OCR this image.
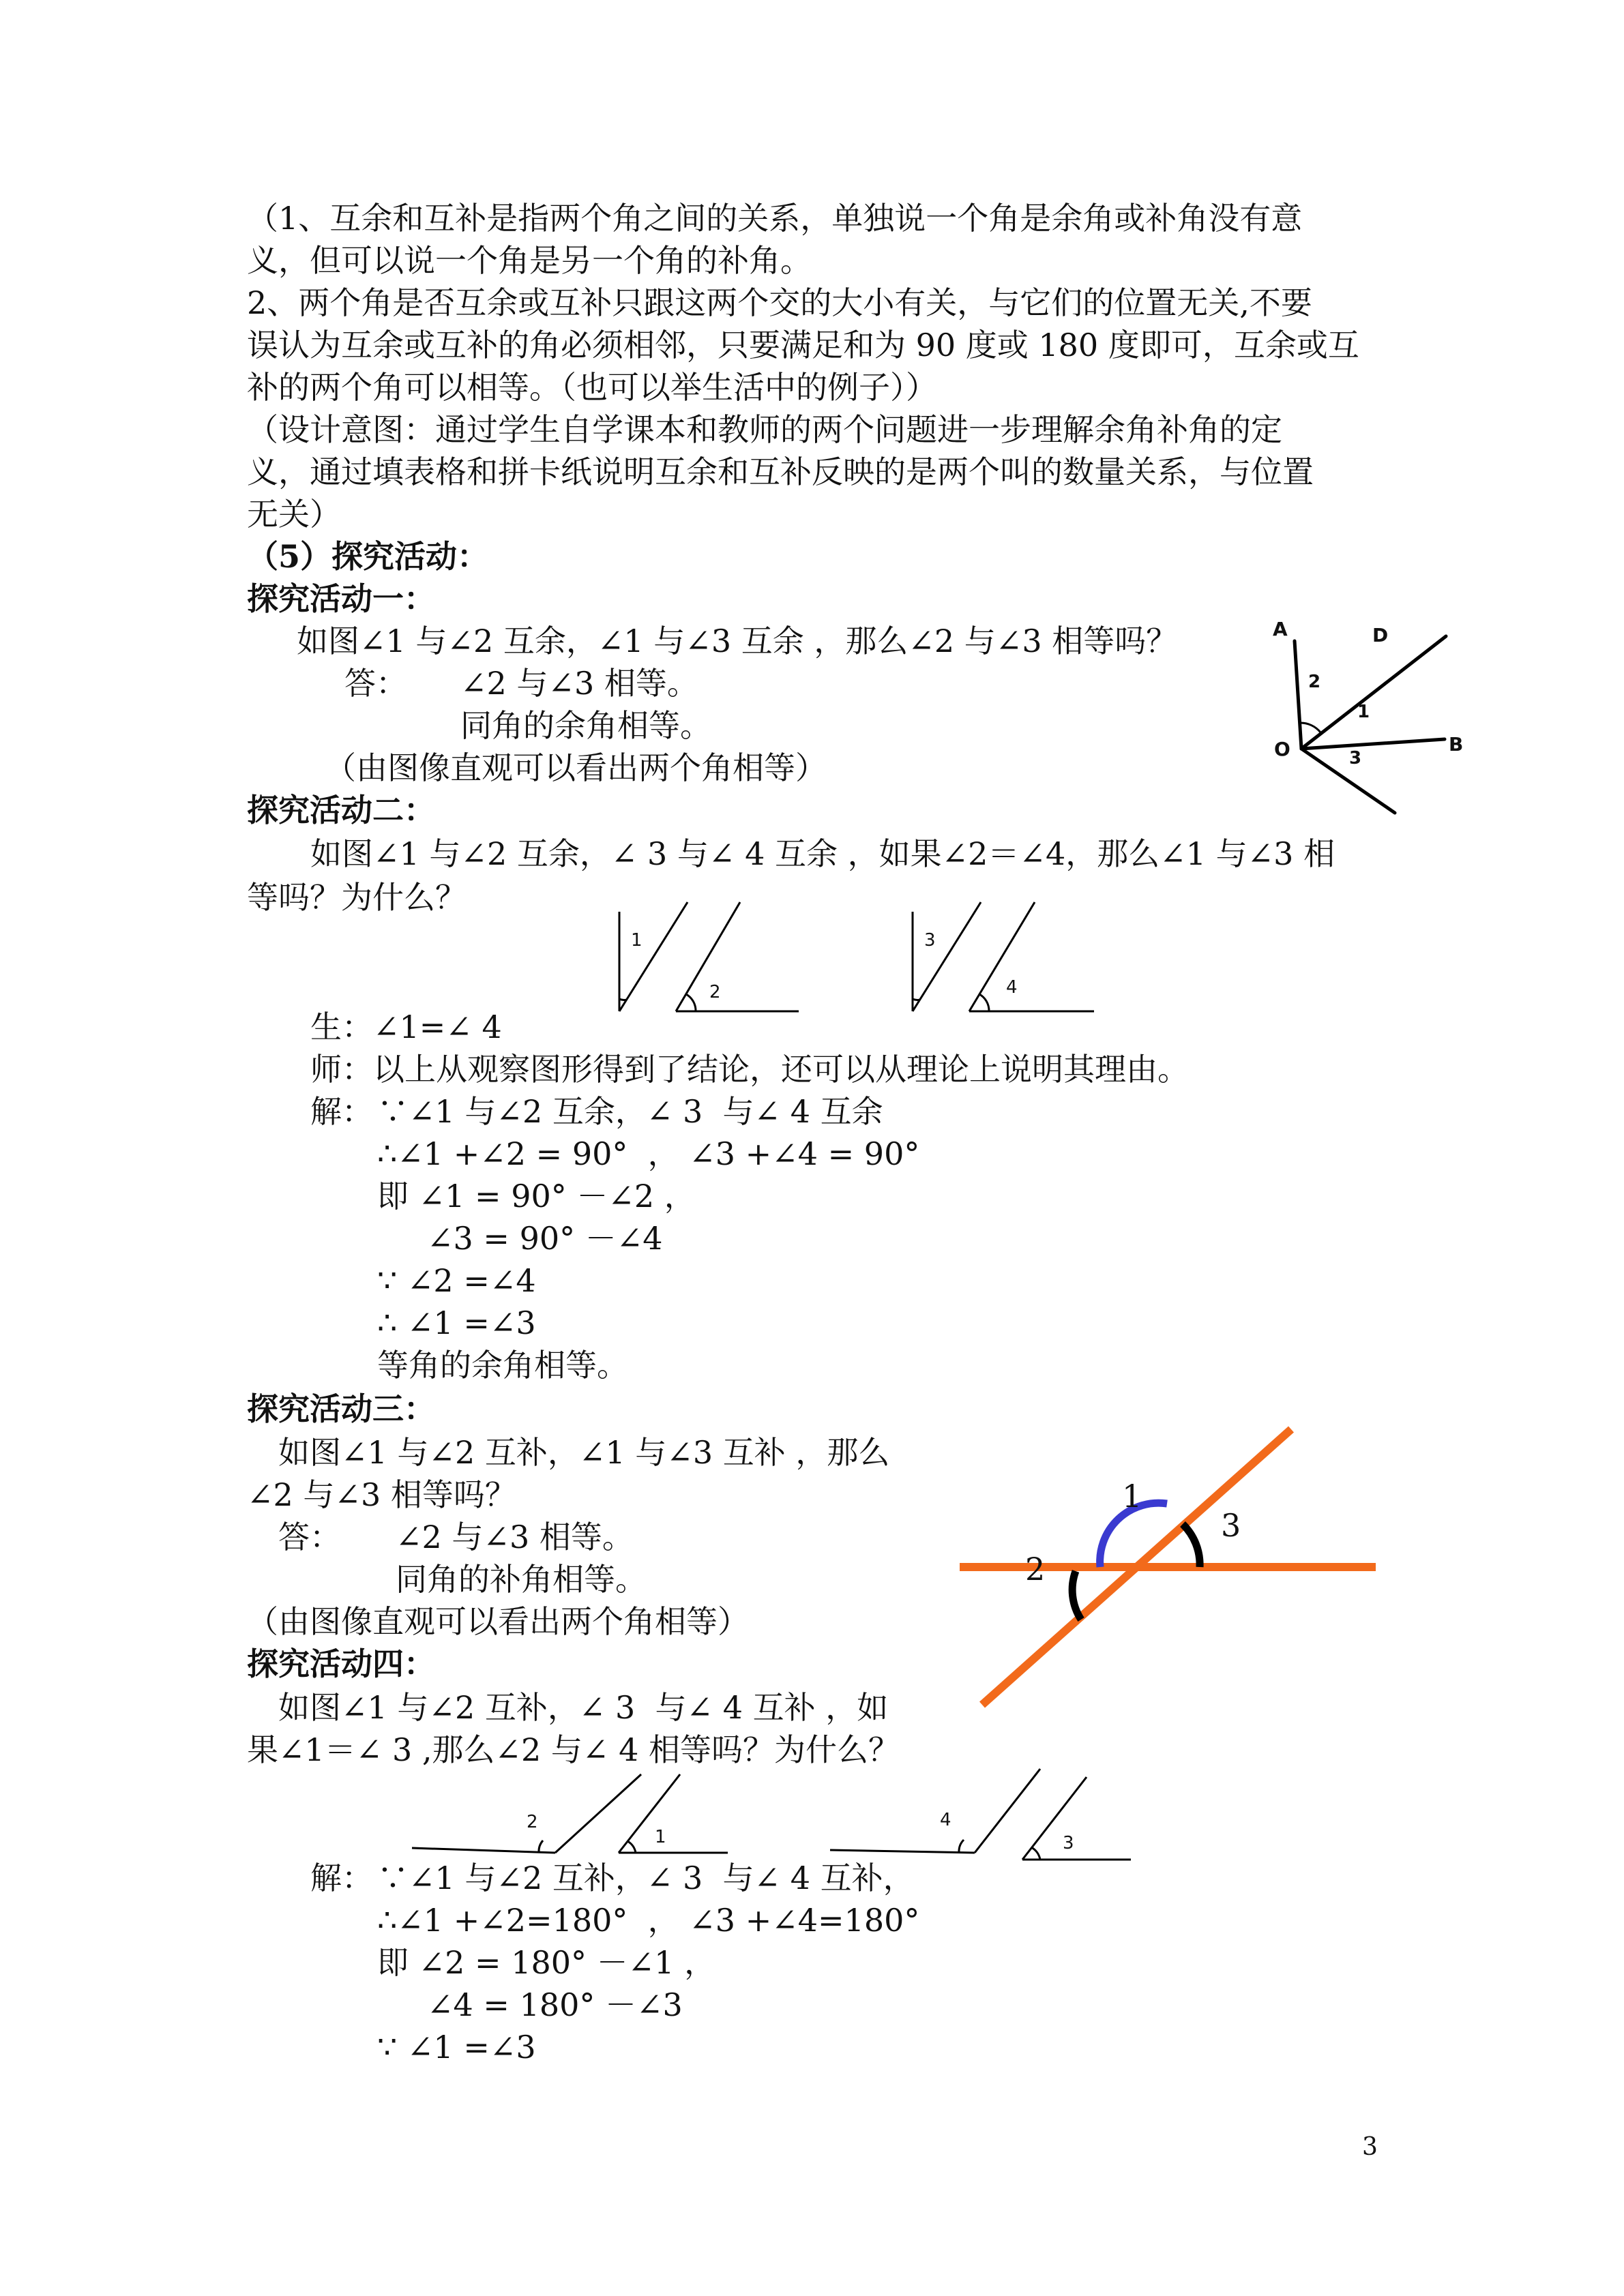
（1、互余和互补是指两个角之间的关系，单独说一个角是余角或补角没有意
义，但可以说一个角是另一个角的补角。
2、两个角是否互余或互补只跟这两个交的大小有关，与它们的位置无关,不要
误认为互余或互补的角必须相邻，只要满足和为 90 度或 180 度即可，互余或互
补的两个角可以相等。（也可以举生活中的例子））
（设计意图：通过学生自学课本和教师的两个问题进一步理解余角补角的定
义，通过填表格和拼卡纸说明互余和互补反映的是两个叫的数量关系，与位置
无关）
（5）探究活动：
探究活动一：
如图∠1 与∠2 互余，∠1 与∠3 互余 ，那么∠2 与∠3 相等吗？
答： ∠2 与∠3 相等。
同角的余角相等。
（由图像直观可以看出两个角相等）
A	D
O	B
2
1
3
探究活动二：
如图∠1 与∠2 互余，∠ 3 与∠ 4 互余 ，如果∠2＝∠4，那么∠1 与∠3 相
等吗？为什么？
1
2
3
4
生：∠1=∠ 4
师：以上从观察图形得到了结论，还可以从理论上说明其理由。
解： ∵∠1 与∠2 互余，∠ 3  与∠ 4 互余
∴∠1 +∠2 = 90°  ， ∠3 +∠4 = 90°
即 ∠1 = 90° －∠2 ，
∠3 = 90° －∠4
∵ ∠2 =∠4
∴ ∠1 =∠3
等角的余角相等。
探究活动三：
如图∠1 与∠2 互补，∠1 与∠3 互补 ，那么
∠2 与∠3 相等吗？
答： ∠2 与∠3 相等。
同角的补角相等。
（由图像直观可以看出两个角相等）
1
3
2
探究活动四：
如图∠1 与∠2 互补，∠ 3  与∠ 4 互补 ，如
果∠1＝∠ 3 ,那么∠2 与∠ 4 相等吗？为什么？
2
1
4
3
解： ∵∠1 与∠2 互补，∠ 3  与∠ 4 互补，
∴∠1 +∠2=180°  ， ∠3 +∠4=180°
即 ∠2 = 180° －∠1 ，
∠4 = 180° －∠3
∵ ∠1 =∠3
3
